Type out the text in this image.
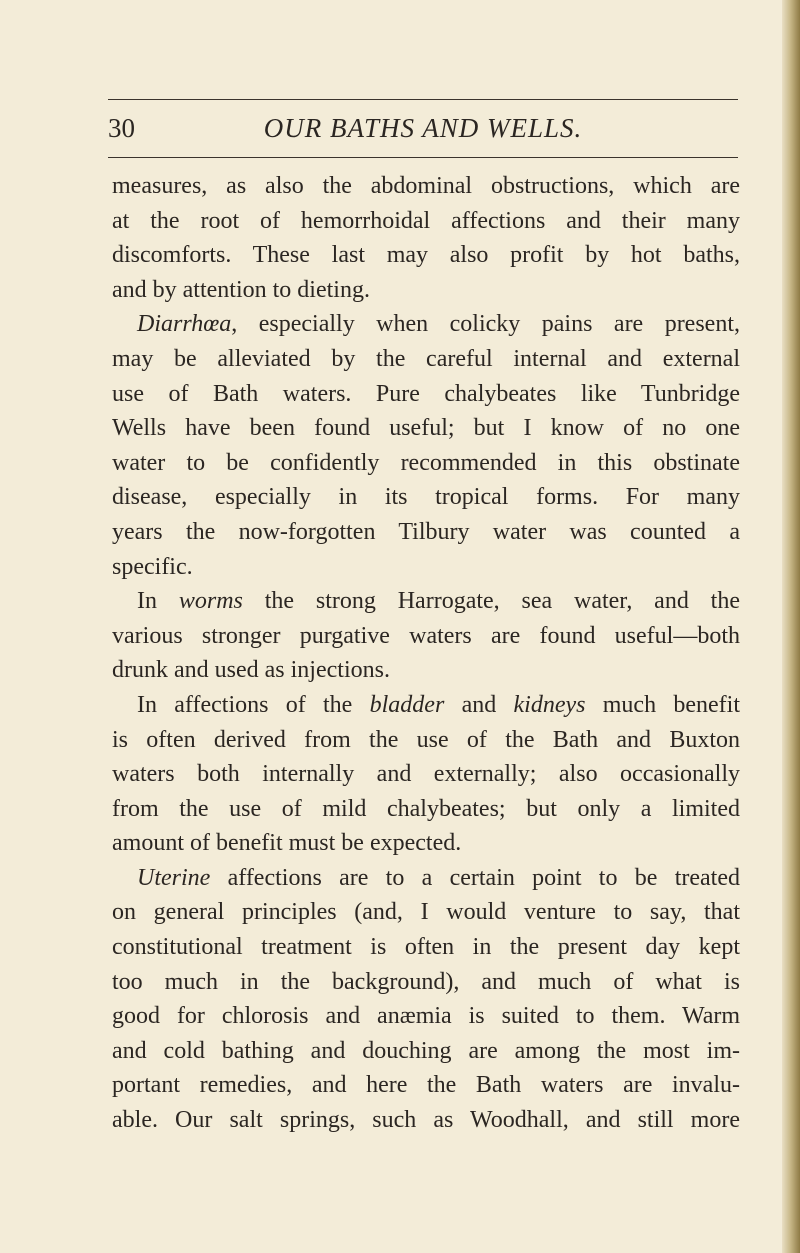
30	OUR BATHS AND WELLS.
measures, as also the abdominal obstructions, which are
at the root of hemorrhoidal affections and their many
discomforts. These last may also profit by hot baths,
and by attention to dieting.
Diarrhœa, especially when colicky pains are present,
may be alleviated by the careful internal and external
use of Bath waters. Pure chalybeates like Tunbridge
Wells have been found useful; but I know of no one
water to be confidently recommended in this obstinate
disease, especially in its tropical forms. For many
years the now-forgotten Tilbury water was counted a
specific.
In worms the strong Harrogate, sea water, and the
various stronger purgative waters are found useful—both
drunk and used as injections.
In affections of the bladder and kidneys much benefit
is often derived from the use of the Bath and Buxton
waters both internally and externally; also occasionally
from the use of mild chalybeates; but only a limited
amount of benefit must be expected.
Uterine affections are to a certain point to be treated
on general principles (and, I would venture to say, that
constitutional treatment is often in the present day kept
too much in the background), and much of what is
good for chlorosis and anæmia is suited to them. Warm
and cold bathing and douching are among the most im-
portant remedies, and here the Bath waters are invalu-
able. Our salt springs, such as Woodhall, and still more
